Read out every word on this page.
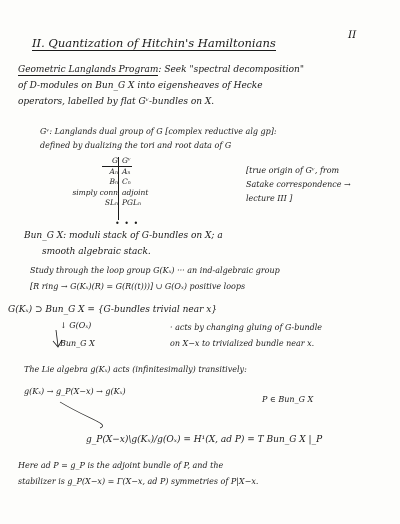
II
II. Quantization of Hitchin's Hamiltonians
Geometric Langlands Program: Seek "spectral decomposition"
of D-modules on Bun_G X into eigensheaves of Hecke
operators, labelled by flat Gᵛ-bundles on X.
Gᵛ: Langlands dual group of G [complex reductive alg gp]:
defined by dualizing the tori and root data of G
G Gᵛ
Aₙ Aₙ
Bₙ Cₙ
simply conn adjoint
SLₙ PGLₙ
• • •
[true origin of Gᵛ, from
Satake correspondence →
lecture III ]
Bun_G X: moduli stack of G-bundles on X; a
smooth algebraic stack.
Study through the loop group G(Kₓ) ··· an ind-algebraic group
[R ring → G(Kₓ)(R) = G(R((t)))] ∪ G(Oₓ) positive loops
G(Kₓ) ⊃ Bun_G X = {G-bundles trivial near x}
↓ G(Oₓ)	· acts by changing gluing of G-bundle
Bun_G X	on X−x to trivialized bundle near x.
The Lie algebra g(Kₓ) acts (infinitesimally) transitively:
g(Kₓ) → g_P(X−x) → g(Kₓ)
P ∈ Bun_G X
g_P(X−x)\g(Kₓ)/g(Oₓ) = H¹(X, ad P) = T Bun_G X |_P
Here ad P = g_P is the adjoint bundle of P, and the
stabilizer is g_P(X−x) = Γ(X−x, ad P) symmetries of P|X−x.
